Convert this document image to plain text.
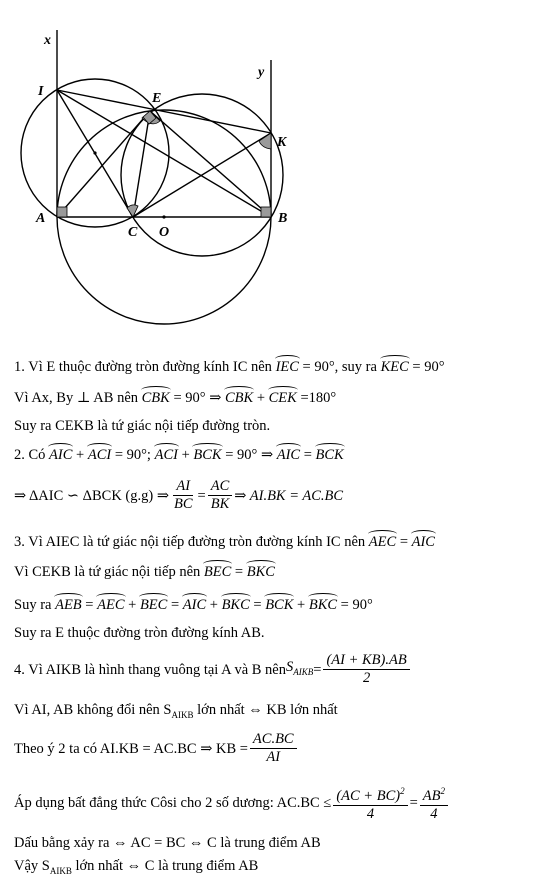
x
y
I	E
K
A	B
C O
1. Vì E thuộc đường tròn đường kính IC nên IEC = 90°, suy ra KEC = 90°
Vì Ax, By ⊥ AB nên CBK = 90° ⇒ CBK + CEK =180°
Suy ra CEKB là tứ giác nội tiếp đường tròn.
2. Có AIC + ACI = 90°; ACI + BCK = 90° ⇒ AIC = BCK
⇒ ΔAIC ∽ ΔBCK (g.g) ⇒ $\frac{AI}{BC} = \frac{AC}{BK}$ ⇒ AI.BK = AC.BC
3. Vì AIEC là tứ giác nội tiếp đường tròn đường kính IC nên AEC = AIC
Vì CEKB là tứ giác nội tiếp nên BEC = BKC
Suy ra AEB = AEC + BEC = AIC + BKC = BCK + BKC = 90°
Suy ra E thuộc đường tròn đường kính AB.
4. Vì AIKB là hình thang vuông tại A và B nên $S_{AIKB} = \frac{(AI + KB).AB}{2}$
Vì AI, AB không đổi nên $S_{AIKB}$ lớn nhất ⇔ KB lớn nhất
Theo ý 2 ta có AI.KB = AC.BC ⇒ KB = $\frac{AC.BC}{AI}$
Áp dụng bất đẳng thức Côsi cho 2 số dương: $AC.BC \le \frac{(AC + BC)^2}{4} = \frac{AB^2}{4}$
Dấu bằng xảy ra ⇔ AC = BC ⇔ C là trung điểm AB
Vậy $S_{AIKB}$ lớn nhất ⇔ C là trung điểm AB
